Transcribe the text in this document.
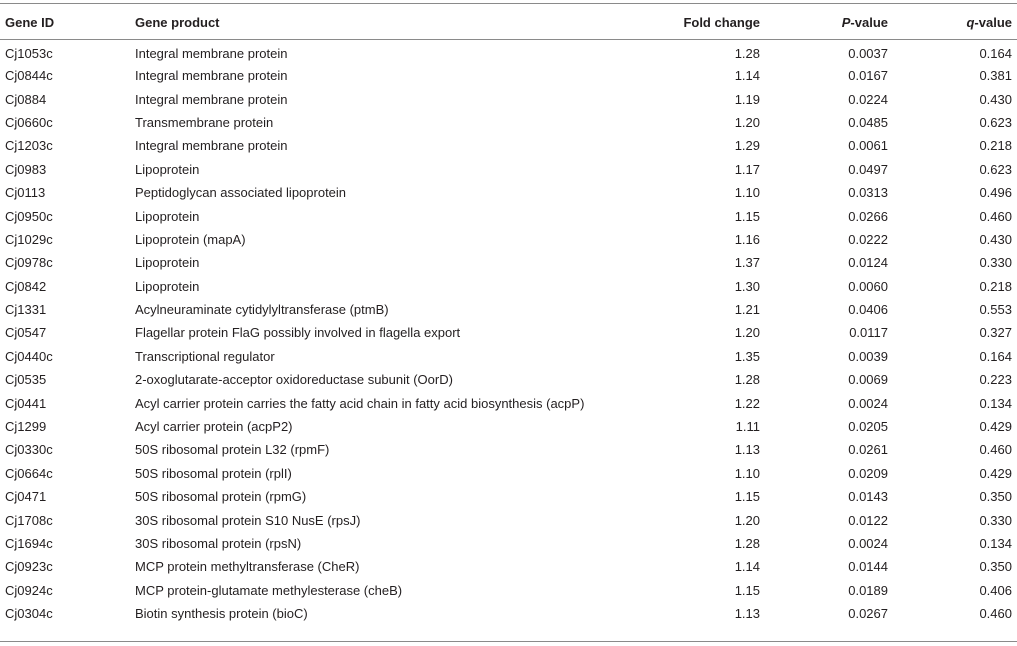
Gene ID	Gene product	Fold change	P-value	q-value
Cj1053c	Integral membrane protein	1.28	0.0037	0.164
Cj0844c	Integral membrane protein	1.14	0.0167	0.381
Cj0884	Integral membrane protein	1.19	0.0224	0.430
Cj0660c	Transmembrane protein	1.20	0.0485	0.623
Cj1203c	Integral membrane protein	1.29	0.0061	0.218
Cj0983	Lipoprotein	1.17	0.0497	0.623
Cj0113	Peptidoglycan associated lipoprotein	1.10	0.0313	0.496
Cj0950c	Lipoprotein	1.15	0.0266	0.460
Cj1029c	Lipoprotein (mapA)	1.16	0.0222	0.430
Cj0978c	Lipoprotein	1.37	0.0124	0.330
Cj0842	Lipoprotein	1.30	0.0060	0.218
Cj1331	Acylneuraminate cytidylyltransferase (ptmB)	1.21	0.0406	0.553
Cj0547	Flagellar protein FlaG possibly involved in flagella export	1.20	0.0117	0.327
Cj0440c	Transcriptional regulator	1.35	0.0039	0.164
Cj0535	2-oxoglutarate-acceptor oxidoreductase subunit (OorD)	1.28	0.0069	0.223
Cj0441	Acyl carrier protein carries the fatty acid chain in fatty acid biosynthesis (acpP)	1.22	0.0024	0.134
Cj1299	Acyl carrier protein (acpP2)	1.11	0.0205	0.429
Cj0330c	50S ribosomal protein L32 (rpmF)	1.13	0.0261	0.460
Cj0664c	50S ribosomal protein (rplI)	1.10	0.0209	0.429
Cj0471	50S ribosomal protein (rpmG)	1.15	0.0143	0.350
Cj1708c	30S ribosomal protein S10 NusE (rpsJ)	1.20	0.0122	0.330
Cj1694c	30S ribosomal protein (rpsN)	1.28	0.0024	0.134
Cj0923c	MCP protein methyltransferase (CheR)	1.14	0.0144	0.350
Cj0924c	MCP protein-glutamate methylesterase (cheB)	1.15	0.0189	0.406
Cj0304c	Biotin synthesis protein (bioC)	1.13	0.0267	0.460
